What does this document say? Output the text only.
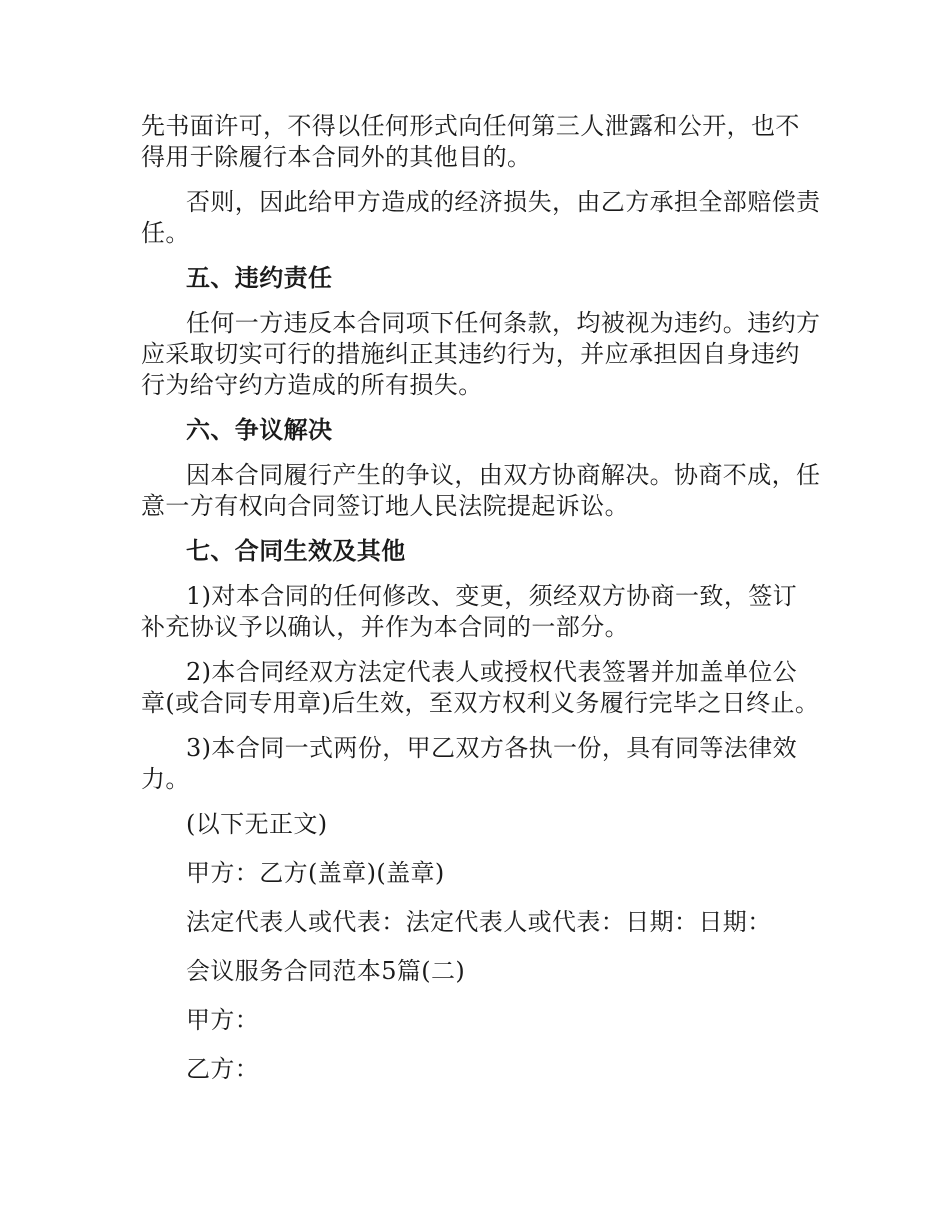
先书面许可，不得以任何形式向任何第三人泄露和公开，也不得用于除履行本合同外的其他目的。

否则，因此给甲方造成的经济损失，由乙方承担全部赔偿责任。

五、违约责任

任何一方违反本合同项下任何条款，均被视为违约。违约方应采取切实可行的措施纠正其违约行为，并应承担因自身违约行为给守约方造成的所有损失。

六、争议解决

因本合同履行产生的争议，由双方协商解决。协商不成，任意一方有权向合同签订地人民法院提起诉讼。

七、合同生效及其他

1)对本合同的任何修改、变更，须经双方协商一致，签订补充协议予以确认，并作为本合同的一部分。

2)本合同经双方法定代表人或授权代表签署并加盖单位公章(或合同专用章)后生效，至双方权利义务履行完毕之日终止。

3)本合同一式两份，甲乙双方各执一份，具有同等法律效力。

(以下无正文)

甲方：乙方(盖章)(盖章)

法定代表人或代表：法定代表人或代表：日期：日期：

会议服务合同范本5篇(二)

甲方：

乙方：
